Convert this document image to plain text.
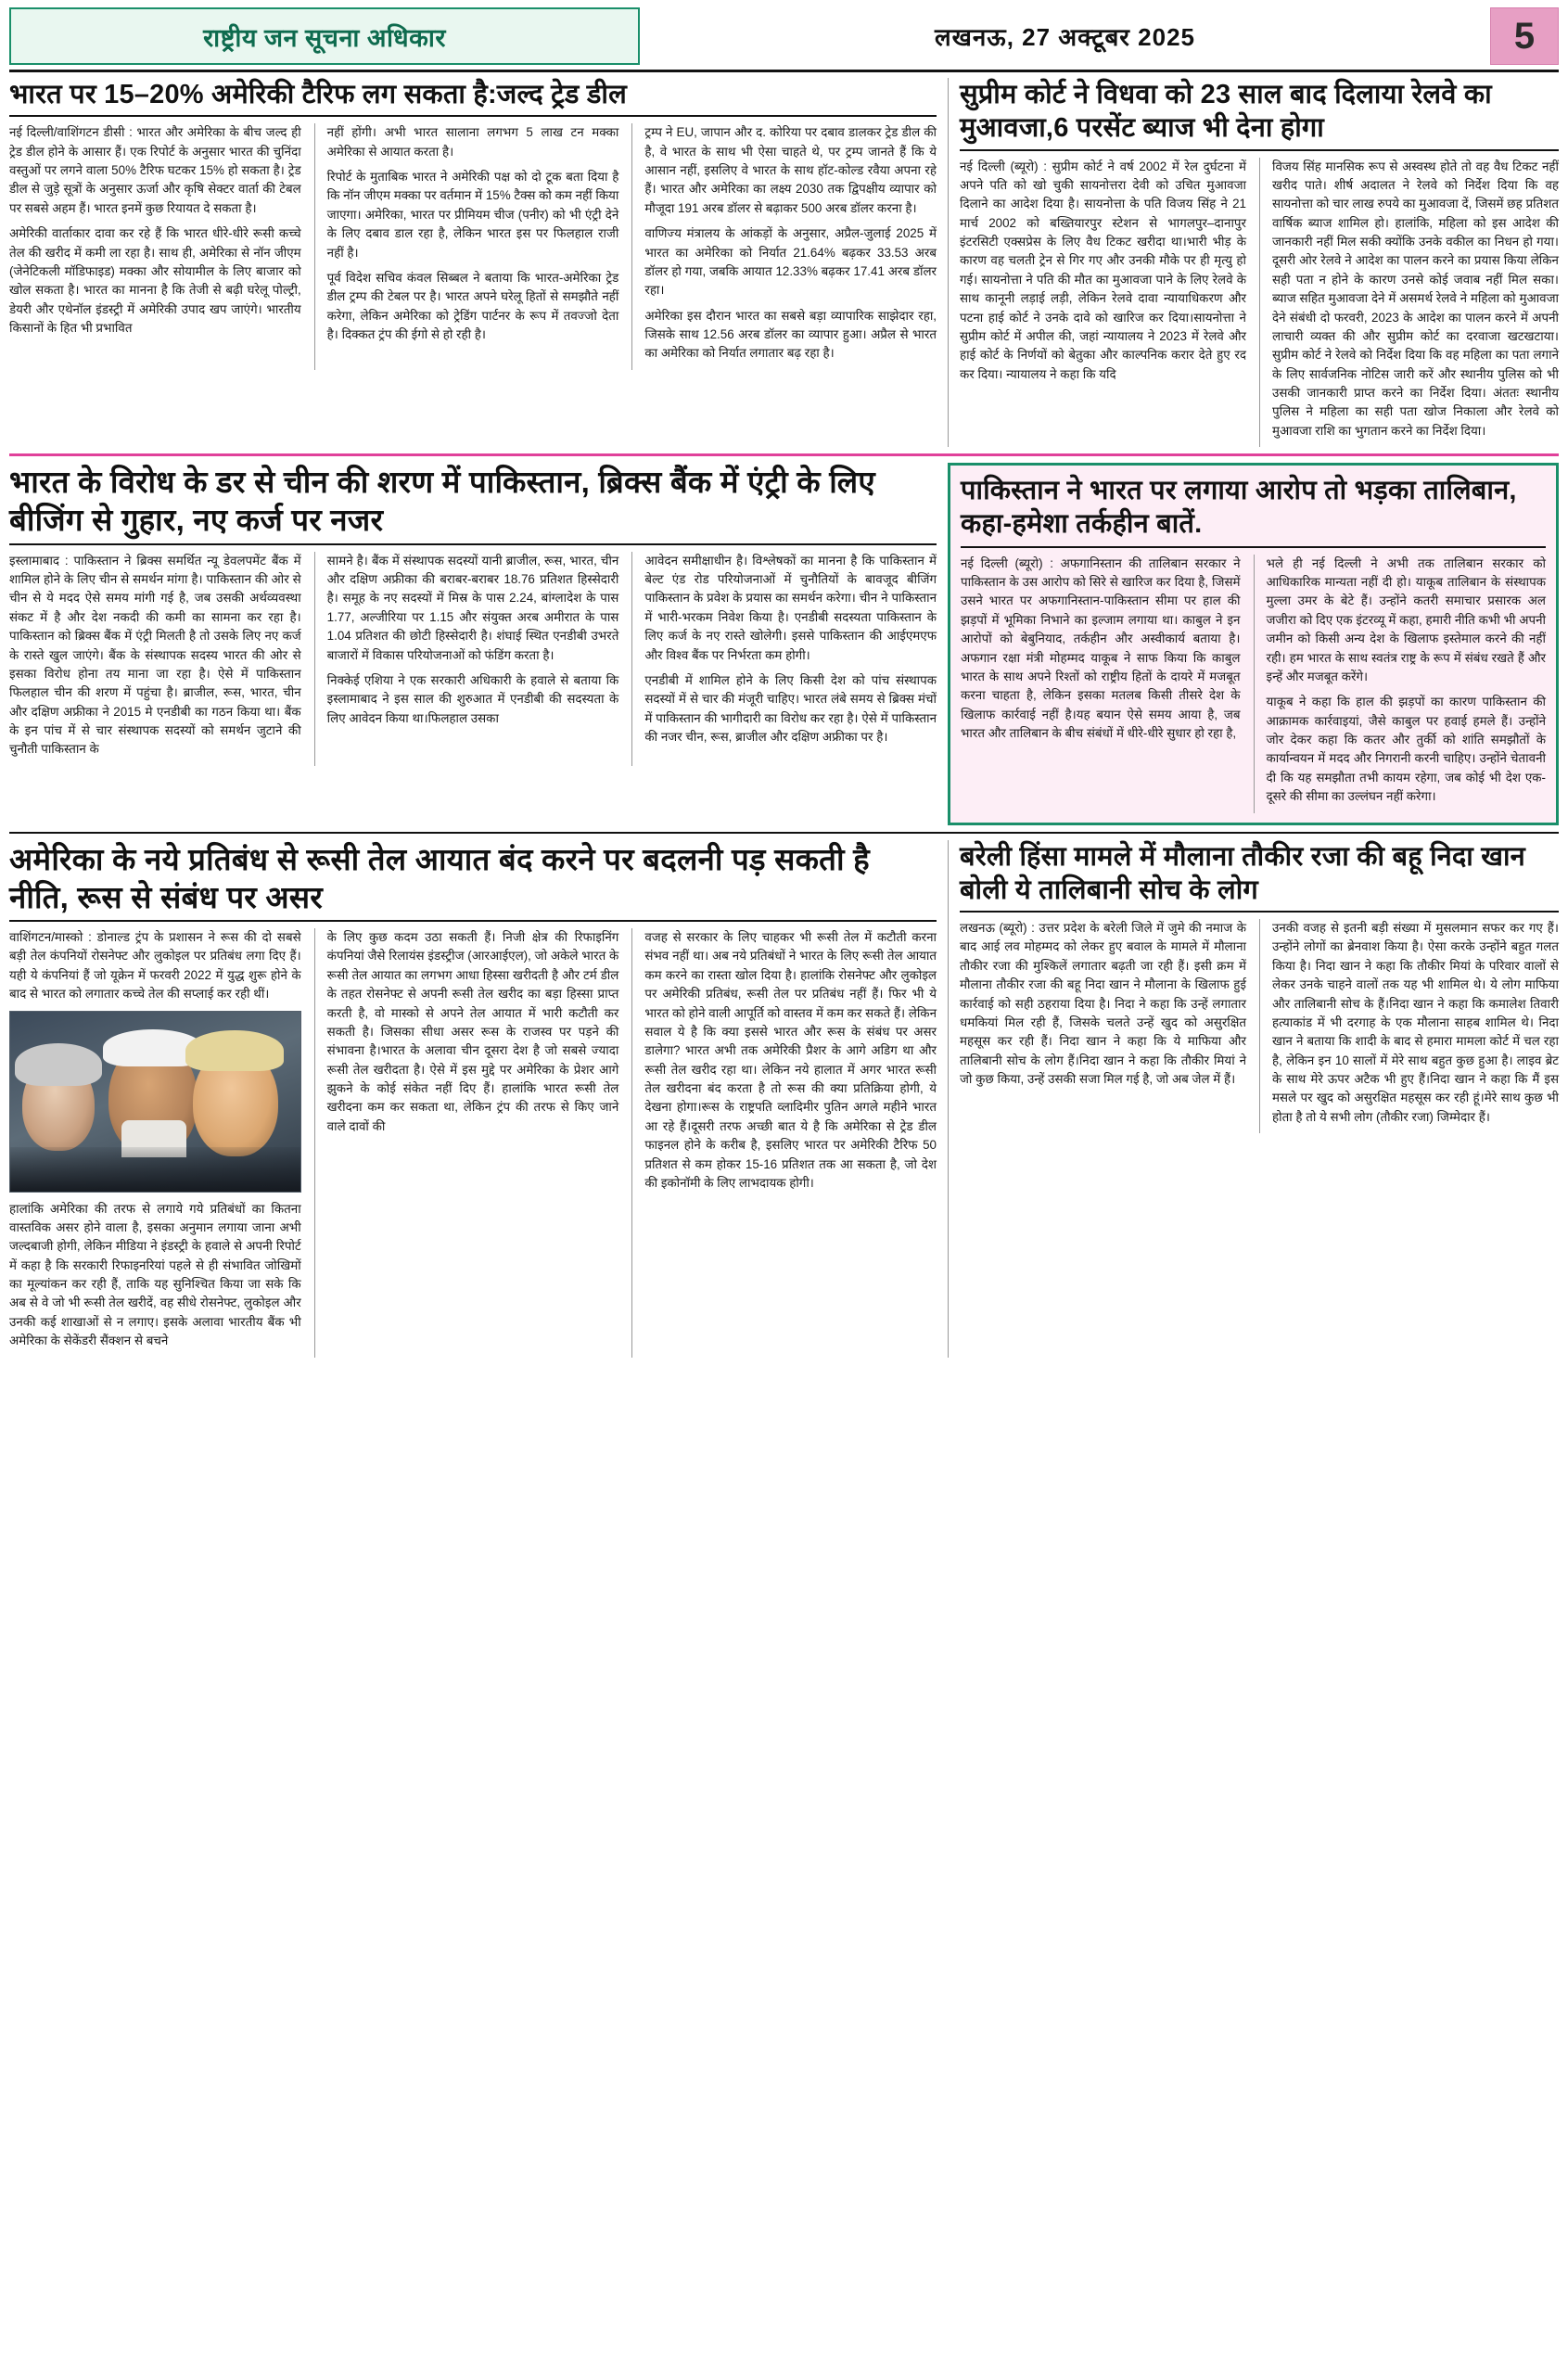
राष्ट्रीय जन सूचना अधिकार	लखनऊ, 27 अक्टूबर 2025	5
भारत पर 15–20% अमेरिकी टैरिफ लग सकता है:जल्द ट्रेड डील

नई दिल्ली/वाशिंगटन डीसी : भारत और अमेरिका के बीच जल्द ही ट्रेड डील होने के आसार हैं। एक रिपोर्ट के अनुसार भारत की चुनिंदा वस्तुओं पर लगने वाला 50% टैरिफ घटकर 15% हो सकता है। ट्रेड डील से जुड़े सूत्रों के अनुसार ऊर्जा और कृषि सेक्टर वार्ता की टेबल पर सबसे अहम हैं। भारत इनमें कुछ रियायत दे सकता है।

अमेरिकी वार्ताकार दावा कर रहे हैं कि भारत धीरे-धीरे रूसी कच्चे तेल की खरीद में कमी ला रहा है। साथ ही, अमेरिका से नॉन जीएम (जेनेटिकली मॉडिफाइड) मक्का और सोयामील के लिए बाजार को खोल सकता है। भारत का मानना है कि तेजी से बढ़ी घरेलू पोल्ट्री, डेयरी और एथेनॉल इंडस्ट्री में अमेरिकी उपाद खप जाएंगे। भारतीय किसानों के हित भी प्रभावित

नहीं होंगी। अभी भारत सालाना लगभग 5 लाख टन मक्का अमेरिका से आयात करता है।

रिपोर्ट के मुताबिक भारत ने अमेरिकी पक्ष को दो टूक बता दिया है कि नॉन जीएम मक्का पर वर्तमान में 15% टैक्स को कम नहीं किया जाएगा। अमेरिका, भारत पर प्रीमियम चीज (पनीर) को भी एंट्री देने के लिए दबाव डाल रहा है, लेकिन भारत इस पर फिलहाल राजी नहीं है।

पूर्व विदेश सचिव कंवल सिब्बल ने बताया कि भारत-अमेरिका ट्रेड डील ट्रम्प की टेबल पर है। भारत अपने घरेलू हितों से समझौते नहीं करेगा, लेकिन अमेरिका को ट्रेडिंग पार्टनर के रूप में तवज्जो देता है। दिक्कत ट्रंप की ईगो से हो रही है।

ट्रम्प ने EU, जापान और द. कोरिया पर दबाव डालकर ट्रेड डील की है, वे भारत के साथ भी ऐसा चाहते थे, पर ट्रम्प जानते हैं कि ये आसान नहीं, इसलिए वे भारत के साथ हॉट-कोल्ड रवैया अपना रहे हैं। भारत और अमेरिका का लक्ष्य 2030 तक द्विपक्षीय व्यापार को मौजूदा 191 अरब डॉलर से बढ़ाकर 500 अरब डॉलर करना है।

वाणिज्य मंत्रालय के आंकड़ों के अनुसार, अप्रैल-जुलाई 2025 में भारत का अमेरिका को निर्यात 21.64% बढ़कर 33.53 अरब डॉलर हो गया, जबकि आयात 12.33% बढ़कर 17.41 अरब डॉलर रहा।

अमेरिका इस दौरान भारत का सबसे बड़ा व्यापारिक साझेदार रहा, जिसके साथ 12.56 अरब डॉलर का व्यापार हुआ। अप्रैल से भारत का अमेरिका को निर्यात लगातार बढ़ रहा है।

सुप्रीम कोर्ट ने विधवा को 23 साल बाद दिलाया रेलवे का मुआवजा,6 परसेंट ब्याज भी देना होगा

नई दिल्ली (ब्यूरो) : सुप्रीम कोर्ट ने वर्ष 2002 में रेल दुर्घटना में अपने पति को खो चुकी सायनोत्तरा देवी को उचित मुआवजा दिलाने का आदेश दिया है। सायनोत्ता के पति विजय सिंह ने 21 मार्च 2002 को बख्तियारपुर स्टेशन से भागलपुर–दानापुर इंटरसिटी एक्सप्रेस के लिए वैध टिकट खरीदा था।भारी भीड़ के कारण वह चलती ट्रेन से गिर गए और उनकी मौके पर ही मृत्यु हो गई। सायनोत्ता ने पति की मौत का मुआवजा पाने के लिए रेलवे के साथ कानूनी लड़ाई लड़ी, लेकिन रेलवे दावा न्यायाधिकरण और पटना हाई कोर्ट ने उनके दावे को खारिज कर दिया।सायनोत्ता ने सुप्रीम कोर्ट में अपील की, जहां न्यायालय ने 2023 में रेलवे और हाई कोर्ट के निर्णयों को बेतुका और काल्पनिक करार देते हुए रद कर दिया। न्यायालय ने कहा कि यदि

विजय सिंह मानसिक रूप से अस्वस्थ होते तो वह वैध टिकट नहीं खरीद पाते। शीर्ष अदालत ने रेलवे को निर्देश दिया कि वह सायनोत्ता को चार लाख रुपये का मुआवजा दें, जिसमें छह प्रतिशत वार्षिक ब्याज शामिल हो। हालांकि, महिला को इस आदेश की जानकारी नहीं मिल सकी क्योंकि उनके वकील का निधन हो गया। दूसरी ओर रेलवे ने आदेश का पालन करने का प्रयास किया लेकिन सही पता न होने के कारण उनसे कोई जवाब नहीं मिल सका। ब्याज सहित मुआवजा देने में असमर्थ रेलवे ने महिला को मुआवजा देने संबंधी दो फरवरी, 2023 के आदेश का पालन करने में अपनी लाचारी व्यक्त की और सुप्रीम कोर्ट का दरवाजा खटखटाया। सुप्रीम कोर्ट ने रेलवे को निर्देश दिया कि वह महिला का पता लगाने के लिए सार्वजनिक नोटिस जारी करें और स्थानीय पुलिस को भी उसकी जानकारी प्राप्त करने का निर्देश दिया। अंततः स्थानीय पुलिस ने महिला का सही पता खोज निकाला और रेलवे को मुआवजा राशि का भुगतान करने का निर्देश दिया।

भारत के विरोध के डर से चीन की शरण में पाकिस्तान, ब्रिक्स बैंक में एंट्री के लिए बीजिंग से गुहार, नए कर्ज पर नजर

इस्लामाबाद : पाकिस्तान ने ब्रिक्स समर्थित न्यू डेवलपमेंट बैंक में शामिल होने के लिए चीन से समर्थन मांगा है। पाकिस्तान की ओर से चीन से ये मदद ऐसे समय मांगी गई है, जब उसकी अर्थव्यवस्था संकट में है और देश नकदी की कमी का सामना कर रहा है। पाकिस्तान को ब्रिक्स बैंक में एंट्री मिलती है तो उसके लिए नए कर्ज के रास्ते खुल जाएंगे। बैंक के संस्थापक सदस्य भारत की ओर से इसका विरोध होना तय माना जा रहा है। ऐसे में पाकिस्तान फिलहाल चीन की शरण में पहुंचा है। ब्राजील, रूस, भारत, चीन और दक्षिण अफ्रीका ने 2015 मे एनडीबी का गठन किया था। बैंक के इन पांच में से चार संस्थापक सदस्यों को समर्थन जुटाने की चुनौती पाकिस्तान के

सामने है। बैंक में संस्थापक सदस्यों यानी ब्राजील, रूस, भारत, चीन और दक्षिण अफ्रीका की बराबर-बराबर 18.76 प्रतिशत हिस्सेदारी है। समूह के नए सदस्यों में मिस्र के पास 2.24, बांग्लादेश के पास 1.77, अल्जीरिया पर 1.15 और संयुक्त अरब अमीरात के पास 1.04 प्रतिशत की छोटी हिस्सेदारी है। शंघाई स्थित एनडीबी उभरते बाजारों में विकास परियोजनाओं को फंडिंग करता है।

निक्केई एशिया ने एक सरकारी अधिकारी के हवाले से बताया कि इस्लामाबाद ने इस साल की शुरुआत में एनडीबी की सदस्यता के लिए आवेदन किया था।फिलहाल उसका

आवेदन समीक्षाधीन है। विश्लेषकों का मानना है कि पाकिस्तान में बेल्ट एंड रोड परियोजनाओं में चुनौतियों के बावजूद बीजिंग पाकिस्तान के प्रवेश के प्रयास का समर्थन करेगा। चीन ने पाकिस्तान में भारी-भरकम निवेश किया है। एनडीबी सदस्यता पाकिस्तान के लिए कर्ज के नए रास्ते खोलेगी। इससे पाकिस्तान की आईएमएफ और विश्व बैंक पर निर्भरता कम होगी।

एनडीबी में शामिल होने के लिए किसी देश को पांच संस्थापक सदस्यों में से चार की मंजूरी चाहिए। भारत लंबे समय से ब्रिक्स मंचों में पाकिस्तान की भागीदारी का विरोध कर रहा है। ऐसे में पाकिस्तान की नजर चीन, रूस, ब्राजील और दक्षिण अफ्रीका पर है।

पाकिस्तान ने भारत पर लगाया आरोप तो भड़का तालिबान, कहा-हमेशा तर्कहीन बातें.

नई दिल्ली (ब्यूरो) : अफगानिस्तान की तालिबान सरकार ने पाकिस्तान के उस आरोप को सिरे से खारिज कर दिया है, जिसमें उसने भारत पर अफगानिस्तान-पाकिस्तान सीमा पर हाल की झड़पों में भूमिका निभाने का इल्जाम लगाया था। काबुल ने इन आरोपों को बेबुनियाद, तर्कहीन और अस्वीकार्य बताया है। अफगान रक्षा मंत्री मोहम्मद याकूब ने साफ किया कि काबुल भारत के साथ अपने रिश्तों को राष्ट्रीय हितों के दायरे में मजबूत करना चाहता है, लेकिन इसका मतलब किसी तीसरे देश के खिलाफ कार्रवाई नहीं है।यह बयान ऐसे समय आया है, जब भारत और तालिबान के बीच संबंधों में धीरे-धीरे सुधार हो रहा है,

भले ही नई दिल्ली ने अभी तक तालिबान सरकार को आधिकारिक मान्यता नहीं दी हो। याकूब तालिबान के संस्थापक मुल्ला उमर के बेटे हैं। उन्होंने कतरी समाचार प्रसारक अल जजीरा को दिए एक इंटरव्यू में कहा, हमारी नीति कभी भी अपनी जमीन को किसी अन्य देश के खिलाफ इस्तेमाल करने की नहीं रही। हम भारत के साथ स्वतंत्र राष्ट्र के रूप में संबंध रखते हैं और इन्हें और मजबूत करेंगे।

याकूब ने कहा कि हाल की झड़पों का कारण पाकिस्तान की आक्रामक कार्रवाइयां, जैसे काबुल पर हवाई हमले हैं। उन्होंने जोर देकर कहा कि कतर और तुर्की को शांति समझौतों के कार्यान्वयन में मदद और निगरानी करनी चाहिए। उन्होंने चेतावनी दी कि यह समझौता तभी कायम रहेगा, जब कोई भी देश एक-दूसरे की सीमा का उल्लंघन नहीं करेगा।

अमेरिका के नये प्रतिबंध से रूसी तेल आयात बंद करने पर बदलनी पड़ सकती है नीति, रूस से संबंध पर असर

वाशिंगटन/मास्को : डोनाल्ड ट्रंप के प्रशासन ने रूस की दो सबसे बड़ी तेल कंपनियों रोसनेफ्ट और लुकोइल पर प्रतिबंध लगा दिए हैं। यही ये कंपनियां हैं जो यूक्रेन में फरवरी 2022 में युद्ध शुरू होने के बाद से भारत को लगातार कच्चे तेल की सप्लाई कर रही थीं।

हालांकि अमेरिका की तरफ से लगाये गये प्रतिबंधों का कितना वास्तविक असर होने वाला है, इसका अनुमान लगाया जाना अभी जल्दबाजी होगी, लेकिन मीडिया ने इंडस्ट्री के हवाले से अपनी रिपोर्ट में कहा है कि सरकारी रिफाइनरियां पहले से ही संभावित जोखिमों का मूल्यांकन कर रही हैं, ताकि यह सुनिश्चित किया जा सके कि अब से वे जो भी रूसी तेल खरीदें, वह सीधे रोसनेफ्ट, लुकोइल और उनकी कई शाखाओं से न लगाए। इसके अलावा भारतीय बैंक भी अमेरिका के सेकेंडरी सैंक्शन से बचने

के लिए कुछ कदम उठा सकती हैं। निजी क्षेत्र की रिफाइनिंग कंपनियां जैसे रिलायंस इंडस्ट्रीज (आरआईएल), जो अकेले भारत के रूसी तेल आयात का लगभग आधा हिस्सा खरीदती है और टर्म डील के तहत रोसनेफ्ट से अपनी रूसी तेल खरीद का बड़ा हिस्सा प्राप्त करती है, वो मास्को से अपने तेल आयात में भारी कटौती कर सकती है। जिसका सीधा असर रूस के राजस्व पर पड़ने की संभावना है।भारत के अलावा चीन दूसरा देश है जो सबसे ज्यादा रूसी तेल खरीदता है। ऐसे में इस मुद्दे पर अमेरिका के प्रेशर आगे झुकने के कोई संकेत नहीं दिए हैं। हालांकि भारत रूसी तेल खरीदना कम कर सकता था, लेकिन ट्रंप की तरफ से किए जाने वाले दावों की

वजह से सरकार के लिए चाहकर भी रूसी तेल में कटौती करना संभव नहीं था। अब नये प्रतिबंधों ने भारत के लिए रूसी तेल आयात कम करने का रास्ता खोल दिया है। हालांकि रोसनेफ्ट और लुकोइल पर अमेरिकी प्रतिबंध, रूसी तेल पर प्रतिबंध नहीं हैं। फिर भी ये भारत को होने वाली आपूर्ति को वास्तव में कम कर सकते हैं। लेकिन सवाल ये है कि क्या इससे भारत और रूस के संबंध पर असर डालेगा? भारत अभी तक अमेरिकी प्रैशर के आगे अडिग था और रूसी तेल खरीद रहा था। लेकिन नये हालात में अगर भारत रूसी तेल खरीदना बंद करता है तो रूस की क्या प्रतिक्रिया होगी, ये देखना होगा।रूस के राष्ट्रपति व्लादिमीर पुतिन अगले महीने भारत आ रहे हैं।दूसरी तरफ अच्छी बात ये है कि अमेरिका से ट्रेड डील फाइनल होने के करीब है, इसलिए भारत पर अमेरिकी टैरिफ 50 प्रतिशत से कम होकर 15-16 प्रतिशत तक आ सकता है, जो देश की इकोनॉमी के लिए लाभदायक होगी।

बरेली हिंसा मामले में मौलाना तौकीर रजा की बहू निदा खान बोली ये तालिबानी सोच के लोग

लखनऊ (ब्यूरो) : उत्तर प्रदेश के बरेली जिले में जुमे की नमाज के बाद आई लव मोहम्मद को लेकर हुए बवाल के मामले में मौलाना तौकीर रजा की मुश्किलें लगातार बढ़ती जा रही हैं। इसी क्रम में मौलाना तौकीर रजा की बहू निदा खान ने मौलाना के खिलाफ हुई कार्रवाई को सही ठहराया दिया है। निदा ने कहा कि उन्हें लगातार धमकियां मिल रही हैं, जिसके चलते उन्हें खुद को असुरक्षित महसूस कर रही हैं। निदा खान ने कहा कि ये माफिया और तालिबानी सोच के लोग हैं।निदा खान ने कहा कि तौकीर मियां ने जो कुछ किया, उन्हें उसकी सजा मिल गई है, जो अब जेल में हैं।

उनकी वजह से इतनी बड़ी संख्या में मुसलमान सफर कर गए हैं। उन्होंने लोगों का ब्रेनवाश किया है। ऐसा करके उन्होंने बहुत गलत किया है। निदा खान ने कहा कि तौकीर मियां के परिवार वालों से लेकर उनके चाहने वालों तक यह भी शामिल थे। ये लोग माफिया और तालिबानी सोच के हैं।निदा खान ने कहा कि कमालेश तिवारी हत्याकांड में भी दरगाह के एक मौलाना साहब शामिल थे। निदा खान ने बताया कि शादी के बाद से हमारा मामला कोर्ट में चल रहा है, लेकिन इन 10 सालों में मेरे साथ बहुत कुछ हुआ है। लाइव ब्रेट के साथ मेरे ऊपर अटैक भी हुए हैं।निदा खान ने कहा कि मैं इस मसले पर खुद को असुरक्षित महसूस कर रही हूं।मेरे साथ कुछ भी होता है तो ये सभी लोग (तौकीर रजा) जिम्मेदार हैं।
